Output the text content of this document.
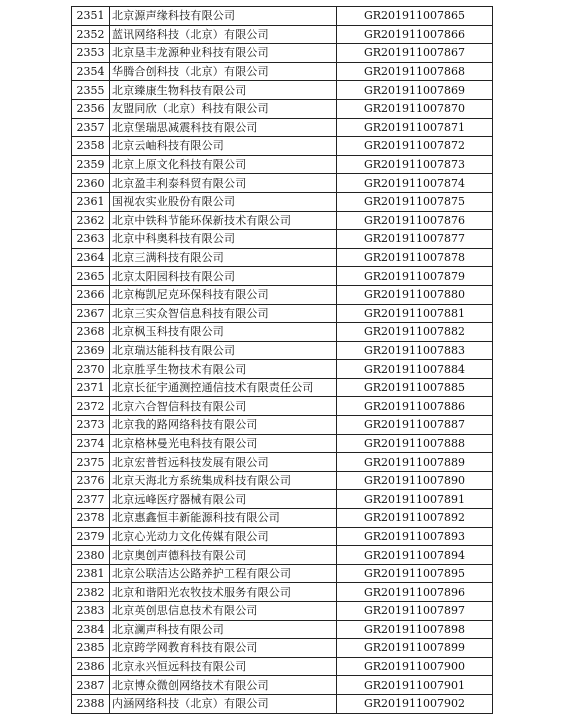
2351	北京源声缘科技有限公司	GR201911007865
2352	蓝讯网络科技（北京）有限公司	GR201911007866
2353	北京垦丰龙源种业科技有限公司	GR201911007867
2354	华腾合创科技（北京）有限公司	GR201911007868
2355	北京臻康生物科技有限公司	GR201911007869
2356	友盟同欣（北京）科技有限公司	GR201911007870
2357	北京堡瑞思减震科技有限公司	GR201911007871
2358	北京云岫科技有限公司	GR201911007872
2359	北京上原文化科技有限公司	GR201911007873
2360	北京盈丰利泰科贸有限公司	GR201911007874
2361	国视农实业股份有限公司	GR201911007875
2362	北京中铁科节能环保新技术有限公司	GR201911007876
2363	北京中科奥科技有限公司	GR201911007877
2364	北京三满科技有限公司	GR201911007878
2365	北京太阳园科技有限公司	GR201911007879
2366	北京梅凯尼克环保科技有限公司	GR201911007880
2367	北京三实众智信息科技有限公司	GR201911007881
2368	北京枫玉科技有限公司	GR201911007882
2369	北京瑞达能科技有限公司	GR201911007883
2370	北京胜孚生物技术有限公司	GR201911007884
2371	北京长征宇通测控通信技术有限责任公司	GR201911007885
2372	北京六合智信科技有限公司	GR201911007886
2373	北京我的路网络科技有限公司	GR201911007887
2374	北京格林曼光电科技有限公司	GR201911007888
2375	北京宏普哲远科技发展有限公司	GR201911007889
2376	北京天海北方系统集成科技有限公司	GR201911007890
2377	北京远峰医疗器械有限公司	GR201911007891
2378	北京惠鑫恒丰新能源科技有限公司	GR201911007892
2379	北京心光动力文化传媒有限公司	GR201911007893
2380	北京奥创声德科技有限公司	GR201911007894
2381	北京公联洁达公路养护工程有限公司	GR201911007895
2382	北京和谐阳光农牧技术服务有限公司	GR201911007896
2383	北京英创思信息技术有限公司	GR201911007897
2384	北京澜声科技有限公司	GR201911007898
2385	北京跨学网教育科技有限公司	GR201911007899
2386	北京永兴恒远科技有限公司	GR201911007900
2387	北京博众微创网络技术有限公司	GR201911007901
2388	内涵网络科技（北京）有限公司	GR201911007902
